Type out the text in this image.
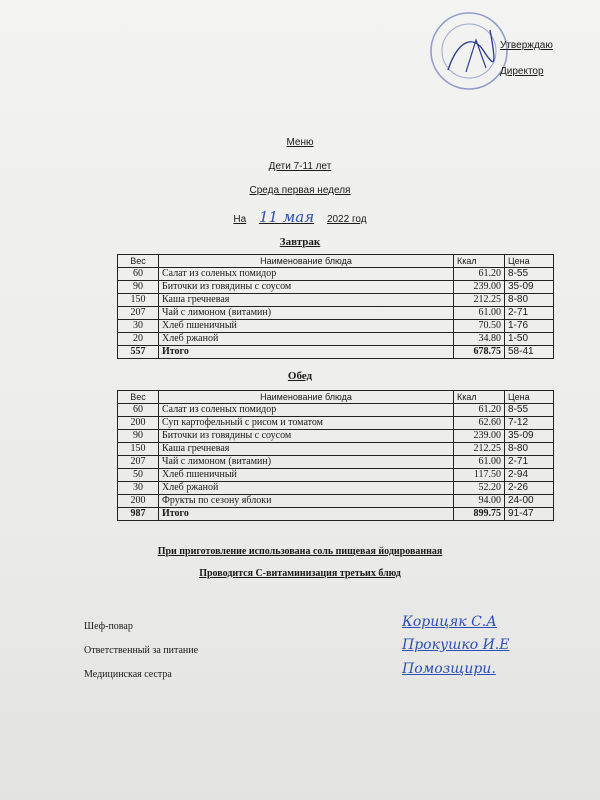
Утверждаю
Директор
Меню
Дети 7-11 лет
Среда первая неделя
На 11 мая 2022 год
Завтрак
Вес	Наименование блюда	Ккал	Цена
60	Салат из соленых помидор	61.20	8-55
90	Биточки из говядины с соусом	239.00	35-09
150	Каша гречневая	212.25	8-80
207	Чай с лимоном (витамин)	61.00	2-71
30	Хлеб пшеничный	70.50	1-76
20	Хлеб ржаной	34.80	1-50
557	Итого	678.75	58-41
Обед
Вес	Наименование блюда	Ккал	Цена
60	Салат из соленых помидор	61.20	8-55
200	Суп картофельный с рисом и томатом	62.60	7-12
90	Биточки из говядины с соусом	239.00	35-09
150	Каша гречневая	212.25	8-80
207	Чай с лимоном (витамин)	61.00	2-71
50	Хлеб пшеничный	117.50	2-94
30	Хлеб ржаной	52.20	2-26
200	Фрукты по сезону яблоки	94.00	24-00
987	Итого	899.75	91-47
При приготовление использована соль пищевая йодированная
Проводится С-витаминизация третьих блюд
Шеф-повар	Корицяк С.А
Ответственный за питание	Прокушко И.Е
Медицинская сестра	Помозщири.
